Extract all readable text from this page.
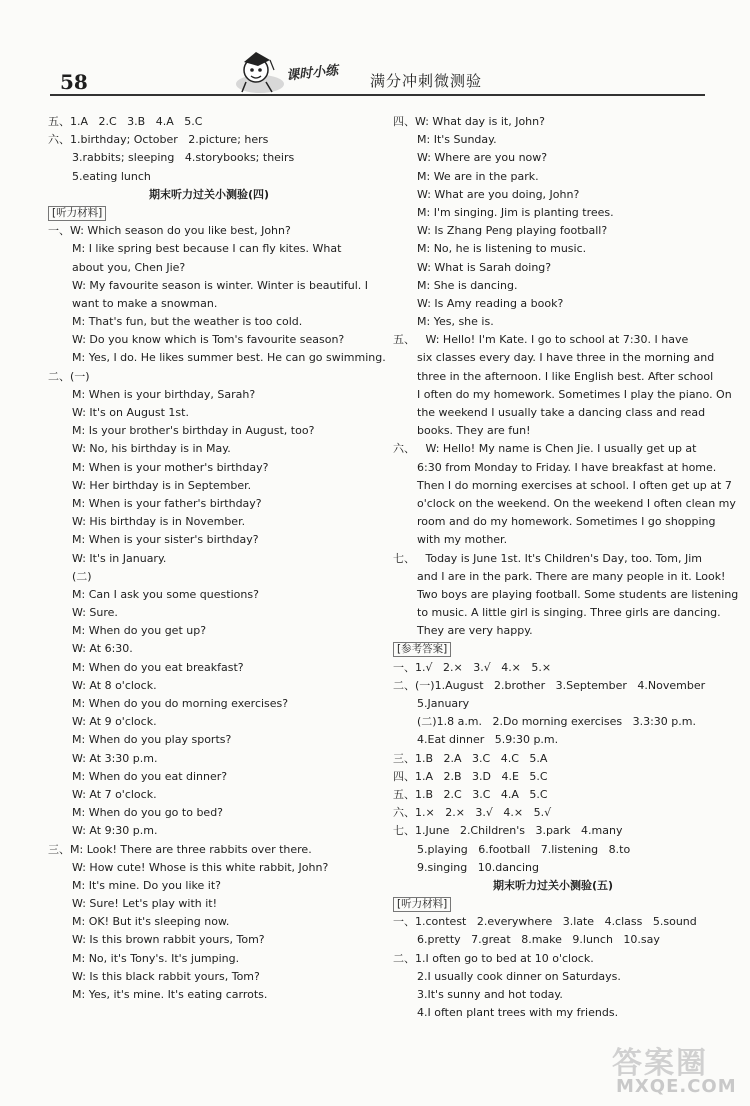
58	课时小练 满分冲刺微测验
五、1.A   2.C   3.B   4.A   5.C
六、1.birthday; October   2.picture; hers
3.rabbits; sleeping   4.storybooks; theirs
5.eating lunch
期末听力过关小测验(四)
[听力材料]
一、W: Which season do you like best, John?
M: I like spring best because I can fly kites. What
about you, Chen Jie?
W: My favourite season is winter. Winter is beautiful. I
want to make a snowman.
M: That's fun, but the weather is too cold.
W: Do you know which is Tom's favourite season?
M: Yes, I do. He likes summer best. He can go swimming.
二、(一)
M: When is your birthday, Sarah?
W: It's on August 1st.
M: Is your brother's birthday in August, too?
W: No, his birthday is in May.
M: When is your mother's birthday?
W: Her birthday is in September.
M: When is your father's birthday?
W: His birthday is in November.
M: When is your sister's birthday?
W: It's in January.
(二)
M: Can I ask you some questions?
W: Sure.
M: When do you get up?
W: At 6:30.
M: When do you eat breakfast?
W: At 8 o'clock.
M: When do you do morning exercises?
W: At 9 o'clock.
M: When do you play sports?
W: At 3:30 p.m.
M: When do you eat dinner?
W: At 7 o'clock.
M: When do you go to bed?
W: At 9:30 p.m.
三、M: Look! There are three rabbits over there.
W: How cute! Whose is this white rabbit, John?
M: It's mine. Do you like it?
W: Sure! Let's play with it!
M: OK! But it's sleeping now.
W: Is this brown rabbit yours, Tom?
M: No, it's Tony's. It's jumping.
W: Is this black rabbit yours, Tom?
M: Yes, it's mine. It's eating carrots.
四、W: What day is it, John?
M: It's Sunday.
W: Where are you now?
M: We are in the park.
W: What are you doing, John?
M: I'm singing. Jim is planting trees.
W: Is Zhang Peng playing football?
M: No, he is listening to music.
W: What is Sarah doing?
M: She is dancing.
W: Is Amy reading a book?
M: Yes, she is.
五、   W: Hello! I'm Kate. I go to school at 7:30. I have
six classes every day. I have three in the morning and
three in the afternoon. I like English best. After school
I often do my homework. Sometimes I play the piano. On
the weekend I usually take a dancing class and read
books. They are fun!
六、   W: Hello! My name is Chen Jie. I usually get up at
6:30 from Monday to Friday. I have breakfast at home.
Then I do morning exercises at school. I often get up at 7
o'clock on the weekend. On the weekend I often clean my
room and do my homework. Sometimes I go shopping
with my mother.
七、   Today is June 1st. It's Children's Day, too. Tom, Jim
and I are in the park. There are many people in it. Look!
Two boys are playing football. Some students are listening
to music. A little girl is singing. Three girls are dancing.
They are very happy.
[参考答案]
一、1.√   2.×   3.√   4.×   5.×
二、(一)1.August   2.brother   3.September   4.November
5.January
(二)1.8 a.m.   2.Do morning exercises   3.3:30 p.m.
4.Eat dinner   5.9:30 p.m.
三、1.B   2.A   3.C   4.C   5.A
四、1.A   2.B   3.D   4.E   5.C
五、1.B   2.C   3.C   4.A   5.C
六、1.×   2.×   3.√   4.×   5.√
七、1.June   2.Children's   3.park   4.many
5.playing   6.football   7.listening   8.to
9.singing   10.dancing
期末听力过关小测验(五)
[听力材料]
一、1.contest   2.everywhere   3.late   4.class   5.sound
6.pretty   7.great   8.make   9.lunch   10.say
二、1.I often go to bed at 10 o'clock.
2.I usually cook dinner on Saturdays.
3.It's sunny and hot today.
4.I often plant trees with my friends.
答案圈
MXQE.COM
